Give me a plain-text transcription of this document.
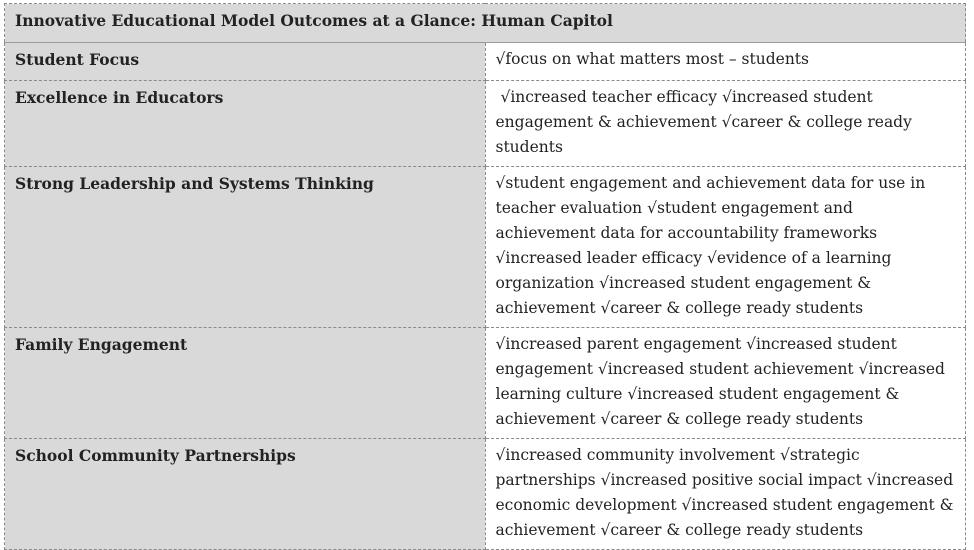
Innovative Educational Model Outcomes at a Glance: Human Capitol	
Student Focus	√focus on what matters most – students
Excellence in Educators	√increased teacher efficacy √increased student engagement & achievement √career & college ready students
Strong Leadership and Systems Thinking	√student engagement and achievement data for use in teacher evaluation √student engagement and achievement data for accountability frameworks √increased leader efficacy √evidence of a learning organization √increased student engagement & achievement √career & college ready students
Family Engagement	√increased parent engagement √increased student engagement √increased student achievement √increased learning culture √increased student engagement & achievement √career & college ready students
School Community Partnerships	√increased community involvement √strategic partnerships √increased positive social impact √increased economic development √increased student engagement & achievement √career & college ready students
